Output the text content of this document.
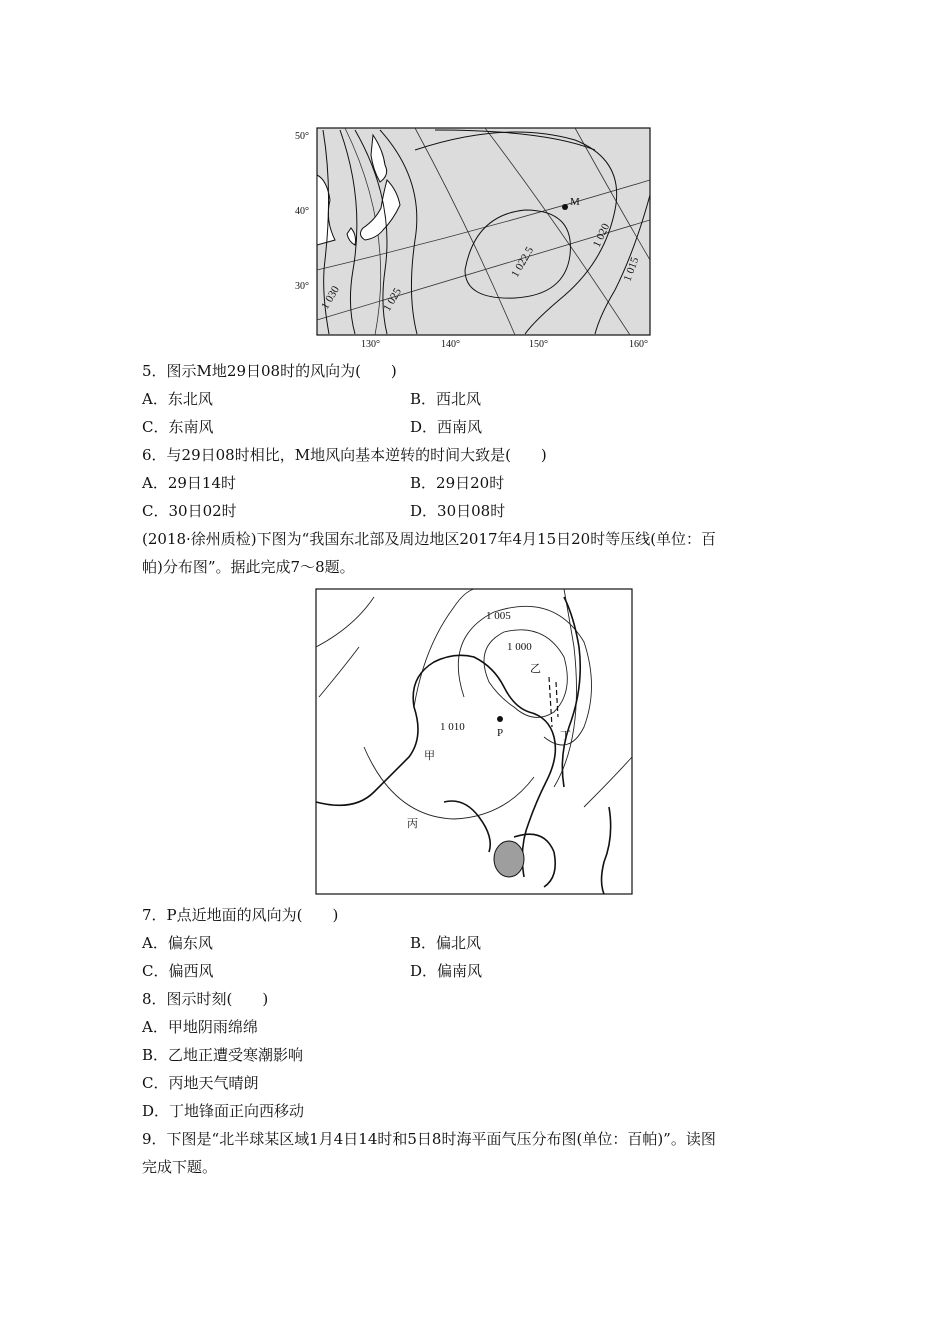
50°
40°
30°
130°	140°	150°	160°
1 030	1 025
1 022.5
1 020
1 015
M
5．图示M地29日08时的风向为(　　)
A．东北风	B．西北风
C．东南风	D．西南风
6．与29日08时相比，M地风向基本逆转的时间大致是(　　)
A．29日14时	B．29日20时
C．30日02时	D．30日08时
(2018·徐州质检)下图为“我国东北部及周边地区2017年4月15日20时等压线(单位：百
帕)分布图”。据此完成7～8题。
1 005
1 000
1 010	P
乙
甲
丙
丁
7．P点近地面的风向为(　　)
A．偏东风	B．偏北风
C．偏西风	D．偏南风
8．图示时刻(　　)
A．甲地阴雨绵绵
B．乙地正遭受寒潮影响
C．丙地天气晴朗
D．丁地锋面正向西移动
9．下图是“北半球某区域1月4日14时和5日8时海平面气压分布图(单位：百帕)”。读图
完成下题。
